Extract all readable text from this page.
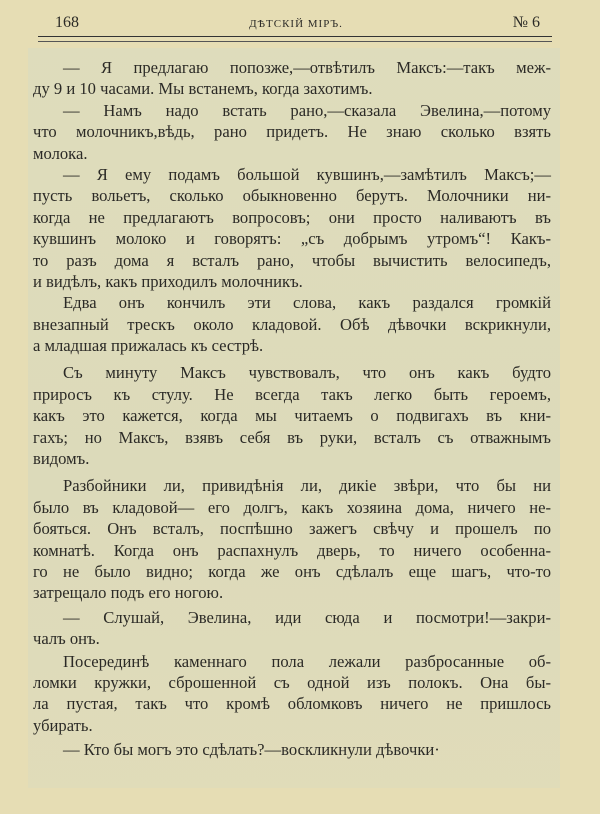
168	ДѢТСКІЙ МІРЪ.	№ 6
— Я предлагаю попозже,—отвѣтилъ Максъ:—такъ меж-
ду 9 и 10 часами. Мы встанемъ, когда захотимъ.
— Намъ надо встать рано,—сказала Эвелина,—потому
что молочникъ,вѣдь, рано придетъ. Не знаю сколько взять
молока.
— Я ему подамъ большой кувшинъ,—замѣтилъ Максъ;—
пусть вольетъ, сколько обыкновенно берутъ. Молочники ни-
когда не предлагаютъ вопросовъ; они просто наливаютъ въ
кувшинъ молоко и говорятъ: „съ добрымъ утромъ“! Какъ-
то разъ дома я всталъ рано, чтобы вычистить велосипедъ,
и видѣлъ, какъ приходилъ молочникъ.
Едва онъ кончилъ эти слова, какъ раздался громкій
внезапный трескъ около кладовой. Обѣ дѣвочки вскрикнули,
а младшая прижалась къ сестрѣ.
Съ минуту Максъ чувствовалъ, что онъ какъ будто
приросъ къ стулу. Не всегда такъ легко быть героемъ,
какъ это кажется, когда мы читаемъ о подвигахъ въ кни-
гахъ; но Максъ, взявъ себя въ руки, всталъ съ отважнымъ
видомъ.
Разбойники ли, привидѣнія ли, дикіе звѣри, что бы ни
было въ кладовой— его долгъ, какъ хозяина дома, ничего не-
бояться. Онъ всталъ, поспѣшно зажегъ свѣчу и прошелъ по
комнатѣ. Когда онъ распахнулъ дверь, то ничего особенна-
го не было видно; когда же онъ сдѣлалъ еще шагъ, что-то
затрещало подъ его ногою.
— Слушай, Эвелина, иди сюда и посмотри!—закри-
чалъ онъ.
Посерединѣ каменнаго пола лежали разбросанные об-
ломки кружки, сброшенной съ одной изъ полокъ. Она бы-
ла пустая, такъ что кромѣ обломковъ ничего не пришлось
убирать.
— Кто бы могъ это сдѣлать?—воскликнули дѣвочки·
